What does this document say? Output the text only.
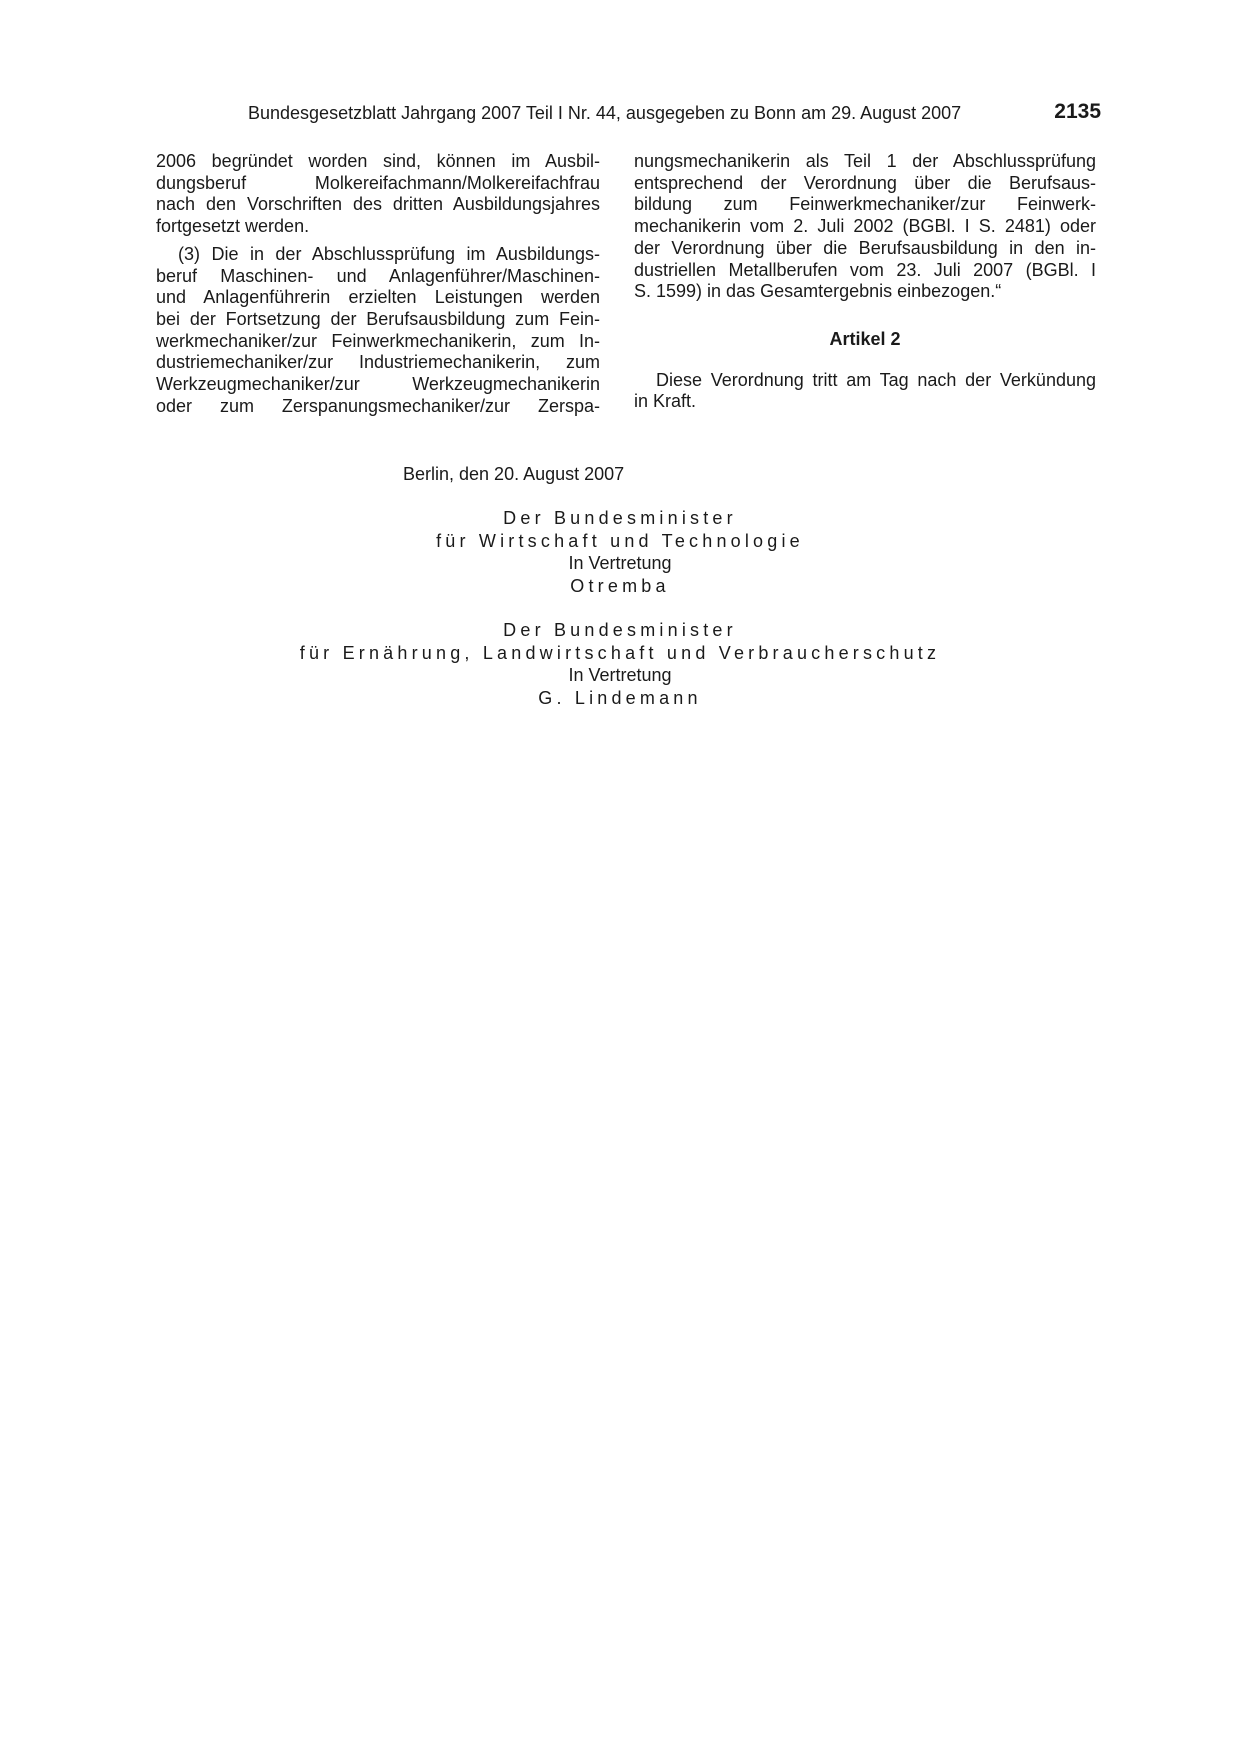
Bundesgesetzblatt Jahrgang 2007 Teil I Nr. 44, ausgegeben zu Bonn am 29. August 2007	2135

2006 begründet worden sind, können im Ausbil-
dungsberuf Molkereifachmann/Molkereifachfrau
nach den Vorschriften des dritten Ausbildungsjahres
fortgesetzt werden.

(3) Die in der Abschlussprüfung im Ausbildungs-
beruf Maschinen- und Anlagenführer/Maschinen-
und Anlagenführerin erzielten Leistungen werden
bei der Fortsetzung der Berufsausbildung zum Fein-
werkmechaniker/zur Feinwerkmechanikerin, zum In-
dustriemechaniker/zur Industriemechanikerin, zum
Werkzeugmechaniker/zur Werkzeugmechanikerin
oder zum Zerspanungsmechaniker/zur Zerspa-

nungsmechanikerin als Teil 1 der Abschlussprüfung
entsprechend der Verordnung über die Berufsaus-
bildung zum Feinwerkmechaniker/zur Feinwerk-
mechanikerin vom 2. Juli 2002 (BGBl. I S. 2481) oder
der Verordnung über die Berufsausbildung in den in-
dustriellen Metallberufen vom 23. Juli 2007 (BGBl. I
S. 1599) in das Gesamtergebnis einbezogen.“

Artikel 2

Diese Verordnung tritt am Tag nach der Verkündung
in Kraft.

Berlin, den 20. August 2007
Der Bundesminister
für Wirtschaft und Technologie
In Vertretung
Otremba
Der Bundesminister
für Ernährung, Landwirtschaft und Verbraucherschutz
In Vertretung
G. Lindemann
